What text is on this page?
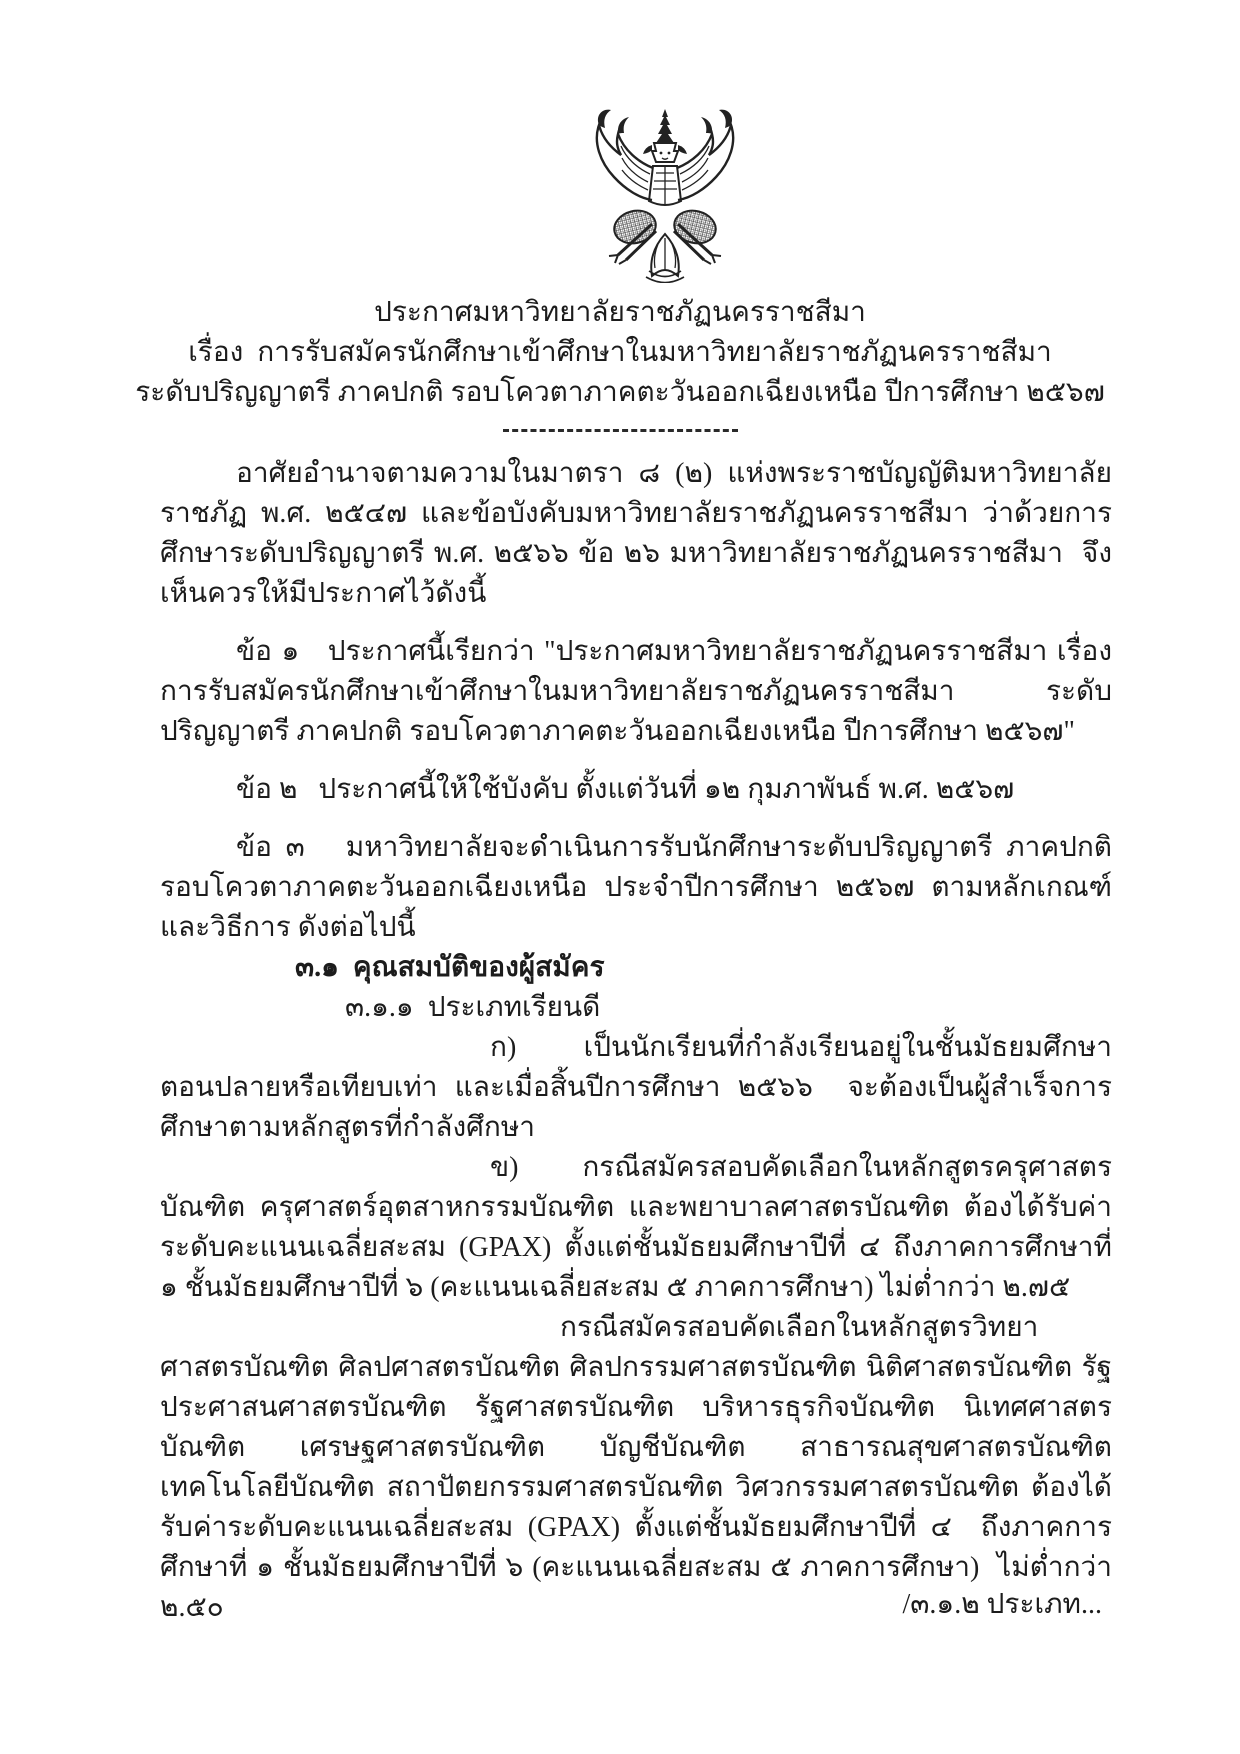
ประกาศมหาวิทยาลัยราชภัฏนครราชสีมา
เรื่อง  การรับสมัครนักศึกษาเข้าศึกษาในมหาวิทยาลัยราชภัฏนครราชสีมา
ระดับปริญญาตรี ภาคปกติ รอบโควตาภาคตะวันออกเฉียงเหนือ ปีการศึกษา ๒๕๖๗

อาศัยอำนาจตามความในมาตรา ๘ (๒) แห่งพระราชบัญญัติมหาวิทยาลัยราชภัฏ พ.ศ. ๒๕๔๗ และข้อบังคับมหาวิทยาลัยราชภัฏนครราชสีมา ว่าด้วยการศึกษาระดับปริญญาตรี พ.ศ. ๒๕๖๖ ข้อ ๒๖ มหาวิทยาลัยราชภัฏนครราชสีมา  จึงเห็นควรให้มีประกาศไว้ดังนี้

ข้อ ๑   ประกาศนี้เรียกว่า "ประกาศมหาวิทยาลัยราชภัฏนครราชสีมา เรื่องการรับสมัครนักศึกษาเข้าศึกษาในมหาวิทยาลัยราชภัฏนครราชสีมา ระดับปริญญาตรี ภาคปกติ รอบโควตาภาคตะวันออกเฉียงเหนือ ปีการศึกษา ๒๕๖๗"

ข้อ ๒   ประกาศนี้ให้ใช้บังคับ ตั้งแต่วันที่ ๑๒ กุมภาพันธ์ พ.ศ. ๒๕๖๗

ข้อ ๓   มหาวิทยาลัยจะดำเนินการรับนักศึกษาระดับปริญญาตรี ภาคปกติ  รอบโควตาภาคตะวันออกเฉียงเหนือ ประจำปีการศึกษา ๒๕๖๗ ตามหลักเกณฑ์และวิธีการ ดังต่อไปนี้

๓.๑  คุณสมบัติของผู้สมัคร

๓.๑.๑  ประเภทเรียนดี

ก)   เป็นนักเรียนที่กำลังเรียนอยู่ในชั้นมัธยมศึกษาตอนปลายหรือเทียบเท่า และเมื่อสิ้นปีการศึกษา ๒๕๖๖  จะต้องเป็นผู้สำเร็จการศึกษาตามหลักสูตรที่กำลังศึกษา

ข)   กรณีสมัครสอบคัดเลือกในหลักสูตรครุศาสตรบัณฑิต ครุศาสตร์อุตสาหกรรมบัณฑิต และพยาบาลศาสตรบัณฑิต ต้องได้รับค่าระดับคะแนนเฉลี่ยสะสม (GPAX) ตั้งแต่ชั้นมัธยมศึกษาปีที่ ๔ ถึงภาคการศึกษาที่ ๑ ชั้นมัธยมศึกษาปีที่ ๖ (คะแนนเฉลี่ยสะสม ๕ ภาคการศึกษา) ไม่ต่ำกว่า ๒.๗๕

กรณีสมัครสอบคัดเลือกในหลักสูตรวิทยาศาสตรบัณฑิต ศิลปศาสตรบัณฑิต ศิลปกรรมศาสตรบัณฑิต นิติศาสตรบัณฑิต รัฐประศาสนศาสตรบัณฑิต รัฐศาสตรบัณฑิต บริหารธุรกิจบัณฑิต นิเทศศาสตรบัณฑิต เศรษฐศาสตรบัณฑิต บัญชีบัณฑิต สาธารณสุขศาสตรบัณฑิต  เทคโนโลยีบัณฑิต สถาปัตยกรรมศาสตรบัณฑิต วิศวกรรมศาสตรบัณฑิต ต้องได้รับค่าระดับคะแนนเฉลี่ยสะสม (GPAX) ตั้งแต่ชั้นมัธยมศึกษาปีที่ ๔  ถึงภาคการศึกษาที่ ๑ ชั้นมัธยมศึกษาปีที่ ๖ (คะแนนเฉลี่ยสะสม ๕ ภาคการศึกษา)  ไม่ต่ำกว่า ๒.๕๐	/๓.๑.๒ ประเภท...
